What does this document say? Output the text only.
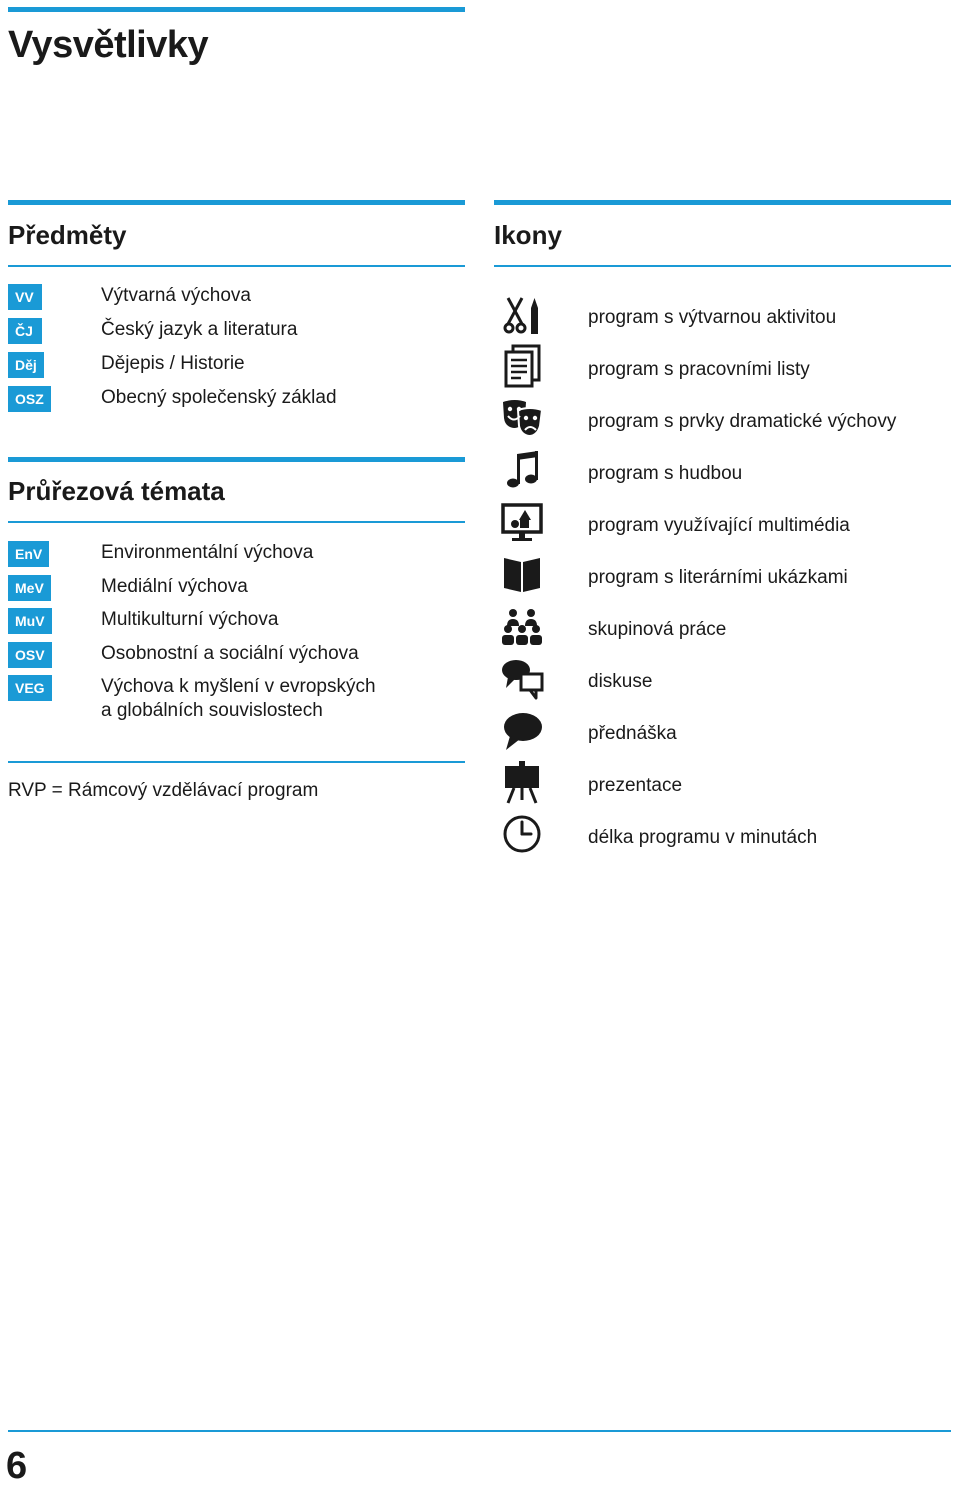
Vysvětlivky
Předměty
VV	Výtvarná výchova
ČJ	Český jazyk a literatura
Děj	Dějepis / Historie
OSZ	Obecný společenský základ
Průřezová témata
EnV	Environmentální výchova
MeV	Mediální výchova
MuV	Multikulturní výchova
OSV	Osobnostní a sociální výchova
VEG	Výchova k myšlení v evropských
a globálních souvislostech
RVP = Rámcový vzdělávací program
Ikony
program s výtvarnou aktivitou
program s pracovními listy
program s prvky dramatické výchovy
program s hudbou
program využívající multimédia
program s literárními ukázkami
skupinová práce
diskuse
přednáška
prezentace
délka programu v minutách
6
